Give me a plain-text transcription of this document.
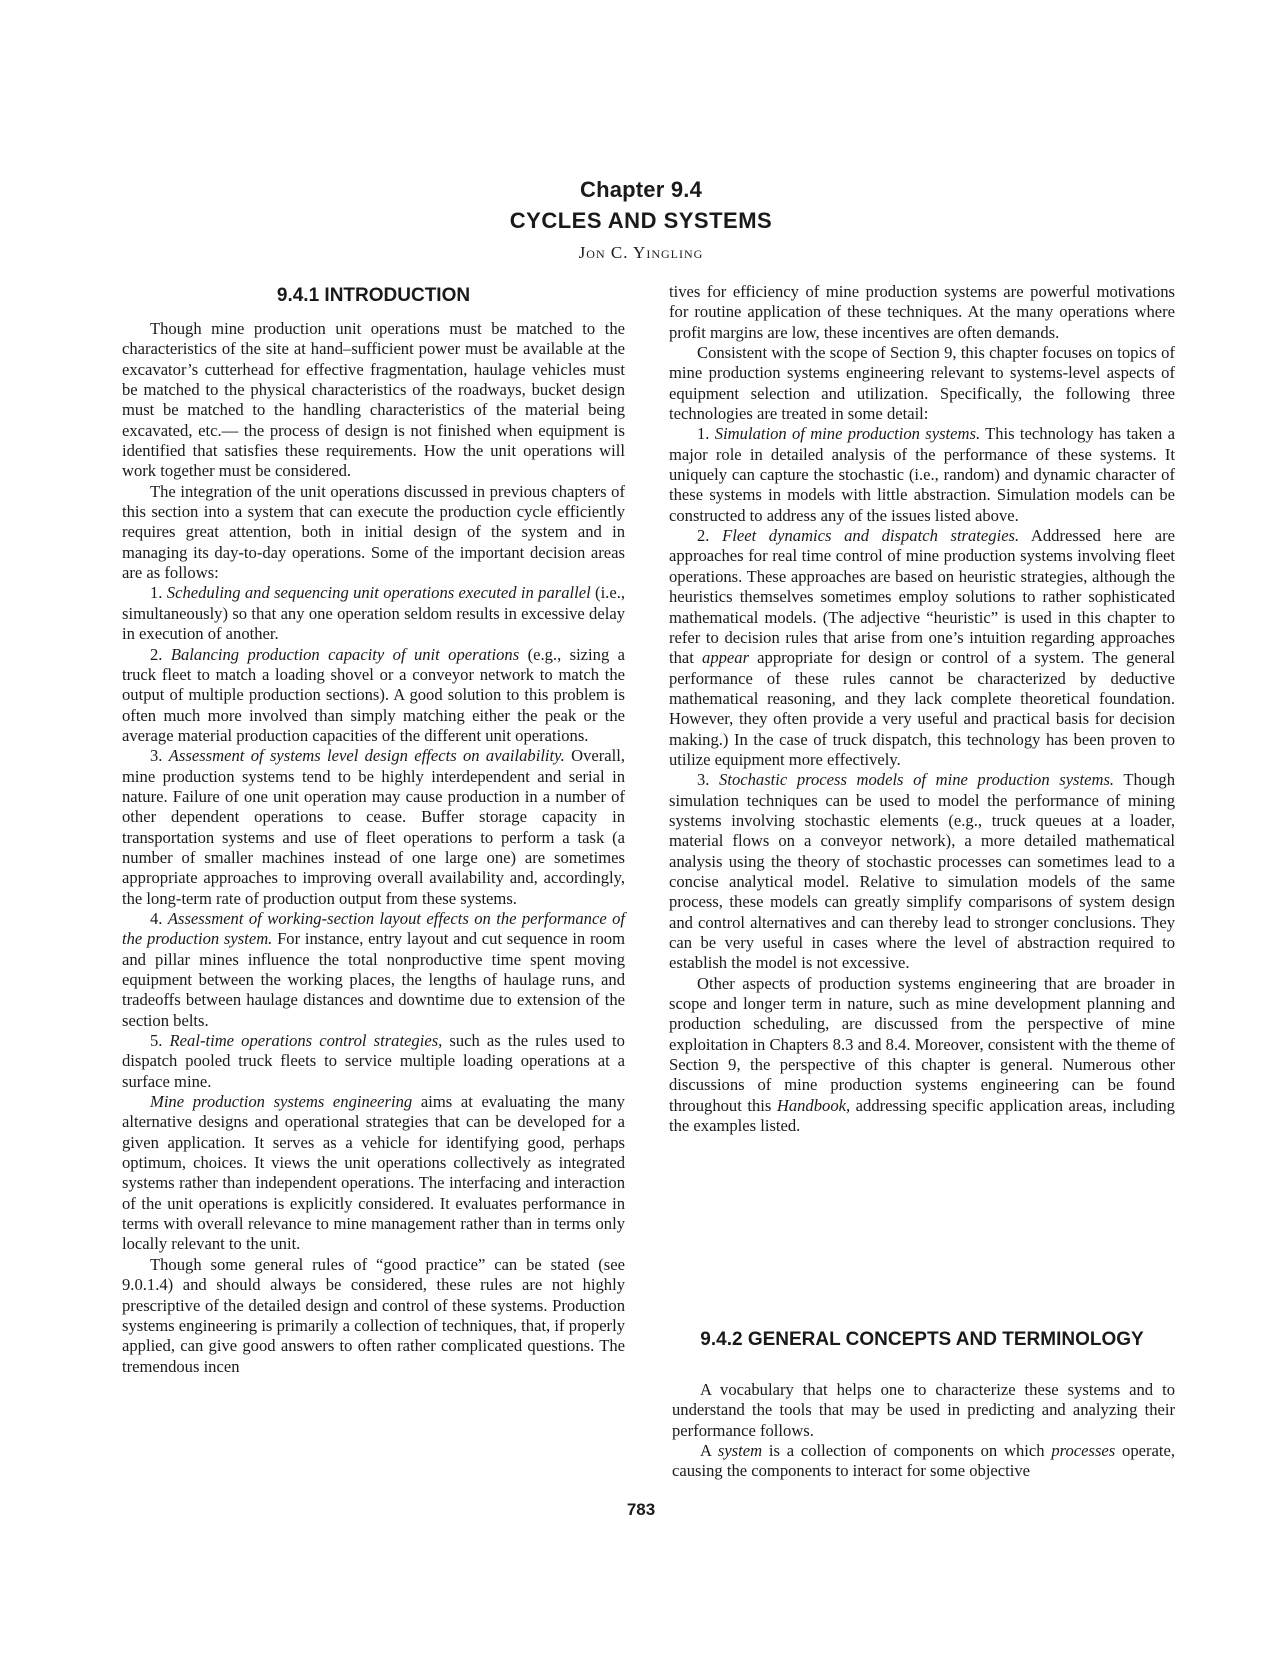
Chapter 9.4
CYCLES AND SYSTEMS
Jon C. Yingling
9.4.1 INTRODUCTION

Though mine production unit operations must be matched to the characteristics of the site at hand–sufficient power must be available at the excavator’s cutterhead for effective fragmentation, haulage vehicles must be matched to the physical characteristics of the roadways, bucket design must be matched to the handling characteristics of the material being excavated, etc.— the process of design is not finished when equipment is identified that satisfies these requirements. How the unit operations will work together must be considered.

The integration of the unit operations discussed in previous chapters of this section into a system that can execute the production cycle efficiently requires great attention, both in initial design of the system and in managing its day-to-day operations. Some of the important decision areas are as follows:

1. Scheduling and sequencing unit operations executed in parallel (i.e., simultaneously) so that any one operation seldom results in excessive delay in execution of another.

2. Balancing production capacity of unit operations (e.g., sizing a truck fleet to match a loading shovel or a conveyor network to match the output of multiple production sections). A good solution to this problem is often much more involved than simply matching either the peak or the average material production capacities of the different unit operations.

3. Assessment of systems level design effects on availability. Overall, mine production systems tend to be highly interdependent and serial in nature. Failure of one unit operation may cause production in a number of other dependent operations to cease. Buffer storage capacity in transportation systems and use of fleet operations to perform a task (a number of smaller machines instead of one large one) are sometimes appropriate approaches to improving overall availability and, accordingly, the long-term rate of production output from these systems.

4. Assessment of working-section layout effects on the performance of the production system. For instance, entry layout and cut sequence in room and pillar mines influence the total nonproductive time spent moving equipment between the working places, the lengths of haulage runs, and tradeoffs between haulage distances and downtime due to extension of the section belts.

5. Real-time operations control strategies, such as the rules used to dispatch pooled truck fleets to service multiple loading operations at a surface mine.

Mine production systems engineering aims at evaluating the many alternative designs and operational strategies that can be developed for a given application. It serves as a vehicle for identifying good, perhaps optimum, choices. It views the unit operations collectively as integrated systems rather than independent operations. The interfacing and interaction of the unit operations is explicitly considered. It evaluates performance in terms with overall relevance to mine management rather than in terms only locally relevant to the unit.

Though some general rules of “good practice” can be stated (see 9.0.1.4) and should always be considered, these rules are not highly prescriptive of the detailed design and control of these systems. Production systems engineering is primarily a collection of techniques, that, if properly applied, can give good answers to often rather complicated questions. The tremendous incen

tives for efficiency of mine production systems are powerful motivations for routine application of these techniques. At the many operations where profit margins are low, these incentives are often demands.

Consistent with the scope of Section 9, this chapter focuses on topics of mine production systems engineering relevant to systems-level aspects of equipment selection and utilization. Specifically, the following three technologies are treated in some detail:

1. Simulation of mine production systems. This technology has taken a major role in detailed analysis of the performance of these systems. It uniquely can capture the stochastic (i.e., random) and dynamic character of these systems in models with little abstraction. Simulation models can be constructed to address any of the issues listed above.

2. Fleet dynamics and dispatch strategies. Addressed here are approaches for real time control of mine production systems involving fleet operations. These approaches are based on heuristic strategies, although the heuristics themselves sometimes employ solutions to rather sophisticated mathematical models. (The adjective “heuristic” is used in this chapter to refer to decision rules that arise from one’s intuition regarding approaches that appear appropriate for design or control of a system. The general performance of these rules cannot be characterized by deductive mathematical reasoning, and they lack complete theoretical foundation. However, they often provide a very useful and practical basis for decision making.) In the case of truck dispatch, this technology has been proven to utilize equipment more effectively.

3. Stochastic process models of mine production systems. Though simulation techniques can be used to model the performance of mining systems involving stochastic elements (e.g., truck queues at a loader, material flows on a conveyor network), a more detailed mathematical analysis using the theory of stochastic processes can sometimes lead to a concise analytical model. Relative to simulation models of the same process, these models can greatly simplify comparisons of system design and control alternatives and can thereby lead to stronger conclusions. They can be very useful in cases where the level of abstraction required to establish the model is not excessive.

Other aspects of production systems engineering that are broader in scope and longer term in nature, such as mine development planning and production scheduling, are discussed from the perspective of mine exploitation in Chapters 8.3 and 8.4. Moreover, consistent with the theme of Section 9, the perspective of this chapter is general. Numerous other discussions of mine production systems engineering can be found throughout this Handbook, addressing specific application areas, including the examples listed.

9.4.2 GENERAL CONCEPTS AND TERMINOLOGY

A vocabulary that helps one to characterize these systems and to understand the tools that may be used in predicting and analyzing their performance follows.

A system is a collection of components on which processes operate, causing the components to interact for some objective

783
